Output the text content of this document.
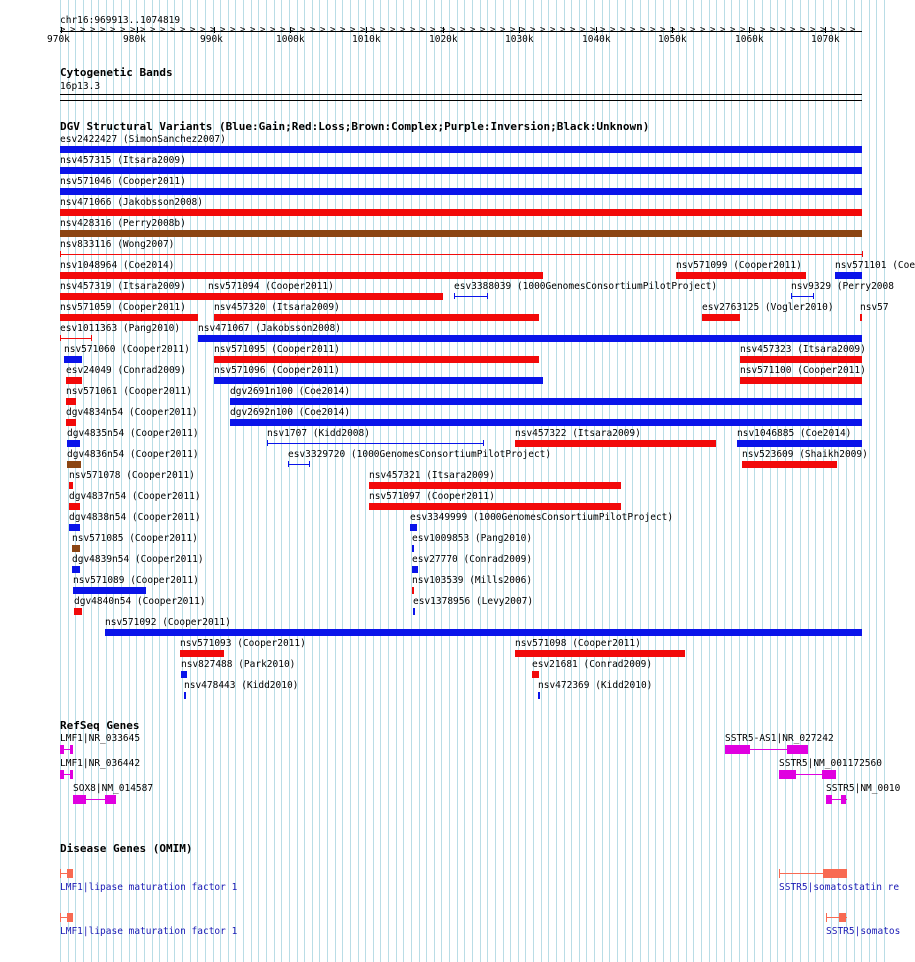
chr16:969913..1074819
970k	980k	990k	1000k	1010k	1020k	1030k	1040k	1050k	1060k	1070k
> > > > > > > > > > > > > > > > > > > > > > > > > > > > > > > > > > > > > > > > > > > > > > > > > > > > > > > > > > > > > > > > > > > > > > > > > > > > > > > >
Cytogenetic Bands
16p13.3
DGV Structural Variants (Blue:Gain;Red:Loss;Brown:Complex;Purple:Inversion;Black:Unknown)
esv2422427 (SimonSanchez2007)
nsv457315 (Itsara2009)
nsv571046 (Cooper2011)
nsv471066 (Jakobsson2008)
nsv428316 (Perry2008b)
nsv833116 (Wong2007)
nsv1048964 (Coe2014)	nsv571099 (Cooper2011)	nsv571101 (Coe
nsv457319 (Itsara2009) nsv571094 (Cooper2011)	esv3388039 (1000GenomesConsortiumPilotProject)	nsv9329 (Perry2008
nsv571059 (Cooper2011)	nsv457320 (Itsara2009)	esv2763125 (Vogler2010)	nsv57
esv1011363 (Pang2010) nsv471067 (Jakobsson2008)
nsv571060 (Cooper2011)	nsv571095 (Cooper2011)	nsv457323 (Itsara2009)
esv24049 (Conrad2009)	nsv571096 (Cooper2011)	nsv571100 (Cooper2011)
nsv571061 (Cooper2011)	dgv2691n100 (Coe2014)
dgv4834n54 (Cooper2011)	dgv2692n100 (Coe2014)
dgv4835n54 (Cooper2011)	nsv1707 (Kidd2008)	nsv457322 (Itsara2009)	nsv1046885 (Coe2014)
dgv4836n54 (Cooper2011)	esv3329720 (1000GenomesConsortiumPilotProject)	nsv523609 (Shaikh2009)
nsv571078 (Cooper2011)	nsv457321 (Itsara2009)
dgv4837n54 (Cooper2011)	nsv571097 (Cooper2011)
dgv4838n54 (Cooper2011)	esv3349999 (1000GenomesConsortiumPilotProject)
nsv571085 (Cooper2011)	esv1009853 (Pang2010)
dgv4839n54 (Cooper2011)	esv27770 (Conrad2009)
nsv571089 (Cooper2011)	nsv103539 (Mills2006)
dgv4840n54 (Cooper2011)	esv1378956 (Levy2007)
nsv571092 (Cooper2011)
nsv571093 (Cooper2011)	nsv571098 (Cooper2011)
nsv827488 (Park2010)	esv21681 (Conrad2009)
nsv478443 (Kidd2010)	nsv472369 (Kidd2010)
RefSeq Genes
LMF1|NR_033645	SSTR5-AS1|NR_027242
LMF1|NR_036442	SSTR5|NM_001172560
SOX8|NM_014587	SSTR5|NM_0010
Disease Genes (OMIM)
LMF1|lipase maturation factor 1	SSTR5|somatostatin re
LMF1|lipase maturation factor 1	SSTR5|somatos
